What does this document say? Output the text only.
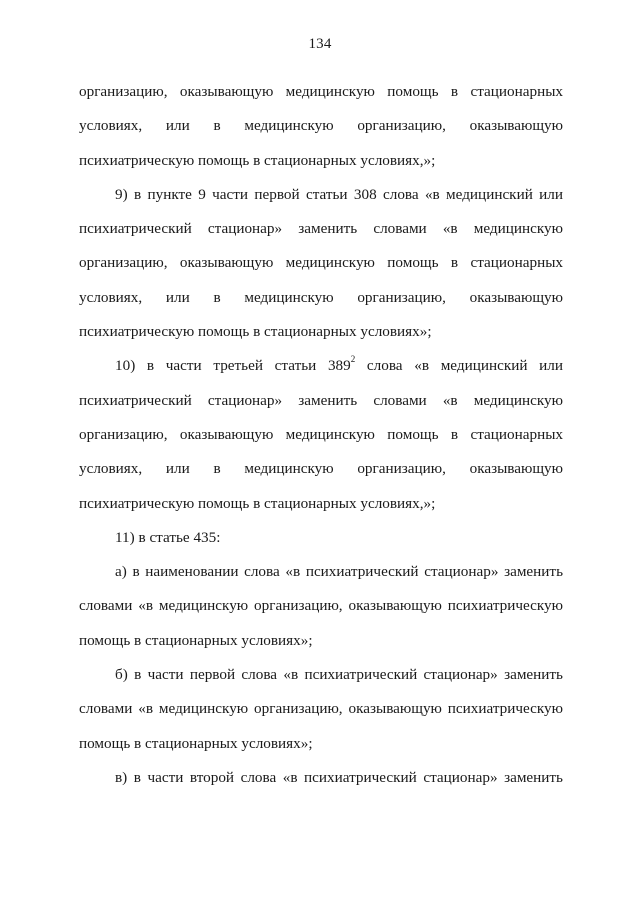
134
организацию, оказывающую медицинскую помощь в стационарных
условиях, или в медицинскую организацию, оказывающую
психиатрическую помощь в стационарных условиях,»;
9) в пункте 9 части первой статьи 308 слова «в медицинский или
психиатрический стационар» заменить словами «в медицинскую
организацию, оказывающую медицинскую помощь в стационарных
условиях, или в медицинскую организацию, оказывающую
психиатрическую помощь в стационарных условиях»;
10) в части третьей статьи $389^2$ слова «в медицинский или
психиатрический стационар» заменить словами «в медицинскую
организацию, оказывающую медицинскую помощь в стационарных
условиях, или в медицинскую организацию, оказывающую
психиатрическую помощь в стационарных условиях,»;
11) в статье 435:
а) в наименовании слова «в психиатрический стационар» заменить
словами «в медицинскую организацию, оказывающую психиатрическую
помощь в стационарных условиях»;
б) в части первой слова «в психиатрический стационар» заменить
словами «в медицинскую организацию, оказывающую психиатрическую
помощь в стационарных условиях»;
в) в части второй слова «в психиатрический стационар» заменить
